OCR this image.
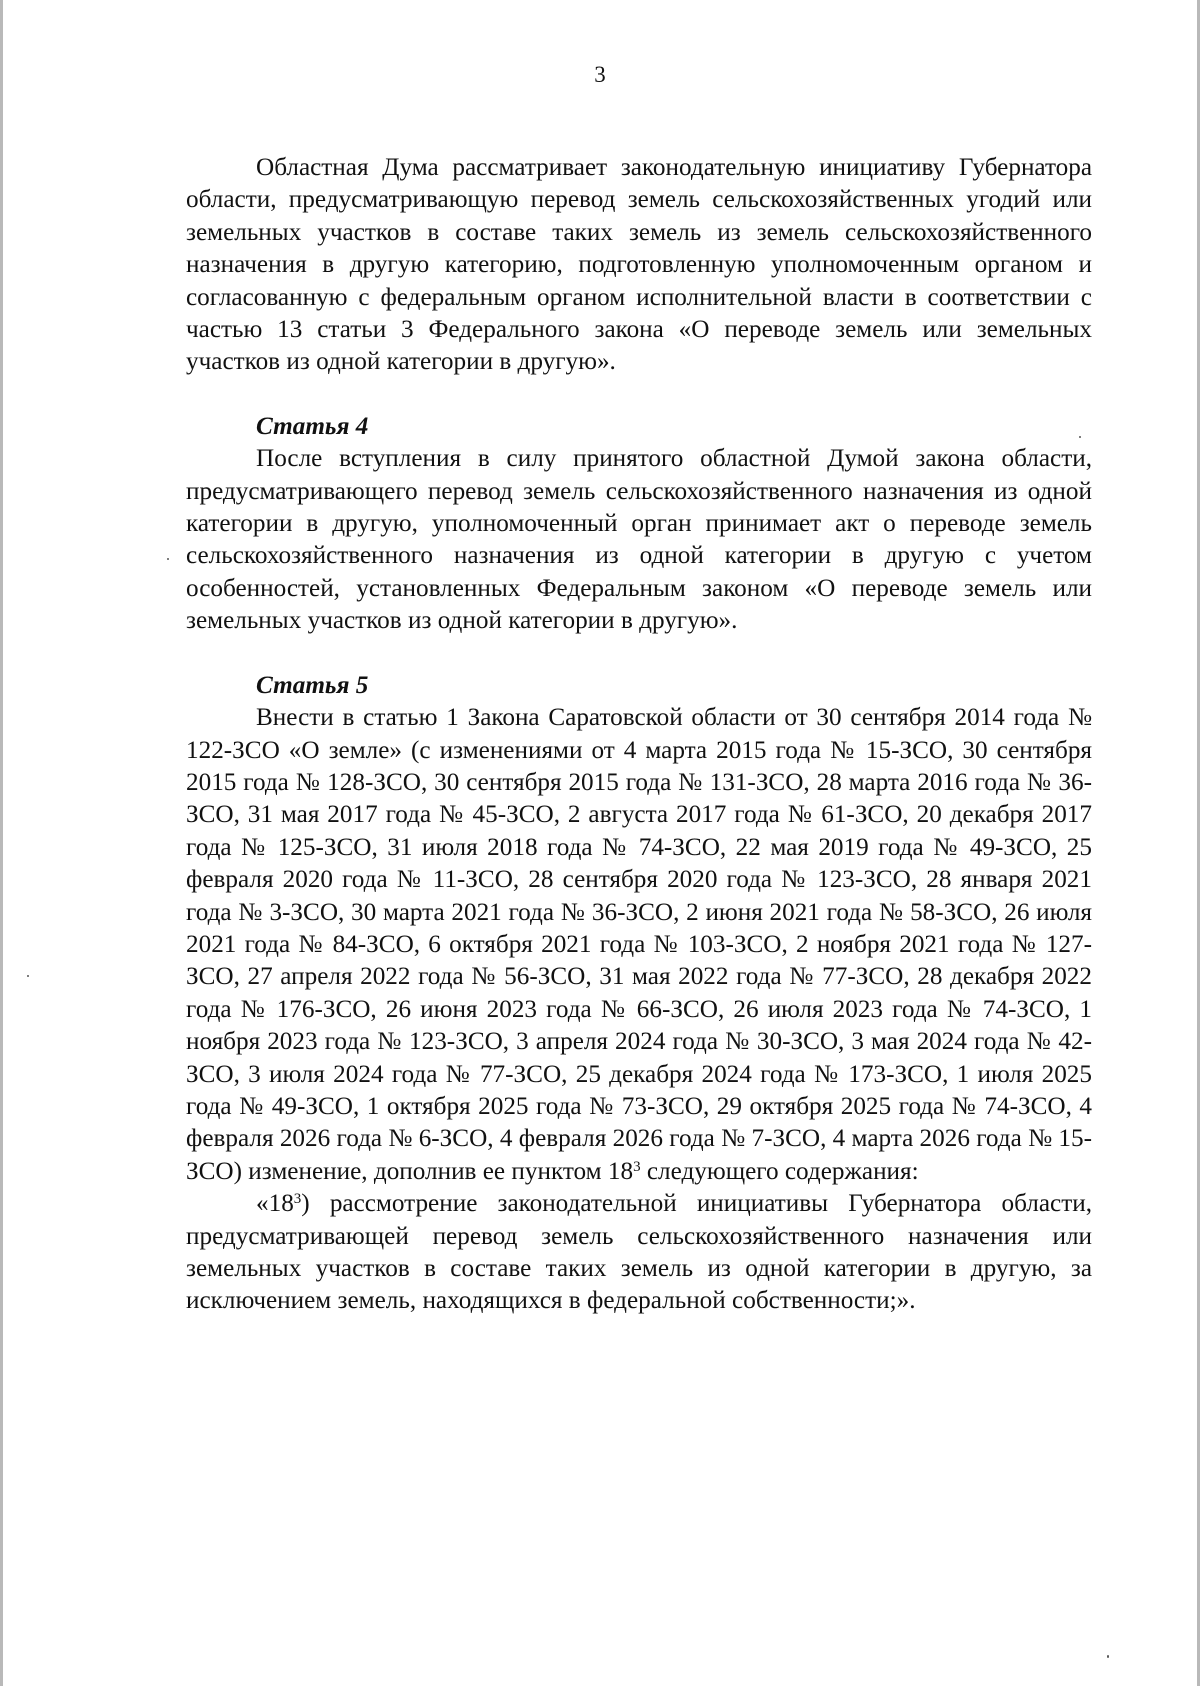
3

Областная Дума рассматривает законодательную инициативу Губернатора области, предусматривающую перевод земель сельскохозяйственных угодий или земельных участков в составе таких земель из земель сельскохозяйственного назначения в другую категорию, подготовленную уполномоченным органом и согласованную с федеральным органом исполнительной власти в соответствии с частью 13 статьи 3 Федерального закона «О переводе земель или земельных участков из одной категории в другую».

Статья 4

После вступления в силу принятого областной Думой закона области, предусматривающего перевод земель сельскохозяйственного назначения из одной категории в другую, уполномоченный орган принимает акт о переводе земель сельскохозяйственного назначения из одной категории в другую с учетом особенностей, установленных Федеральным законом «О переводе земель или земельных участков из одной категории в другую».

Статья 5

Внести в статью 1 Закона Саратовской области от 30 сентября 2014 года № 122-ЗСО «О земле» (с изменениями от 4 марта 2015 года № 15-ЗСО, 30 сентября 2015 года № 128-ЗСО, 30 сентября 2015 года № 131-ЗСО, 28 марта 2016 года № 36-ЗСО, 31 мая 2017 года № 45-ЗСО, 2 августа 2017 года № 61-ЗСО, 20 декабря 2017 года № 125-ЗСО, 31 июля 2018 года № 74-ЗСО, 22 мая 2019 года № 49-ЗСО, 25 февраля 2020 года № 11-ЗСО, 28 сентября 2020 года № 123-ЗСО, 28 января 2021 года № 3-ЗСО, 30 марта 2021 года № 36-ЗСО, 2 июня 2021 года № 58-ЗСО, 26 июля 2021 года № 84-ЗСО, 6 октября 2021 года № 103-ЗСО, 2 ноября 2021 года № 127-ЗСО, 27 апреля 2022 года № 56-ЗСО, 31 мая 2022 года № 77-ЗСО, 28 декабря 2022 года № 176-ЗСО, 26 июня 2023 года № 66-ЗСО, 26 июля 2023 года № 74-ЗСО, 1 ноября 2023 года № 123-ЗСО, 3 апреля 2024 года № 30-ЗСО, 3 мая 2024 года № 42-ЗСО, 3 июля 2024 года № 77-ЗСО, 25 декабря 2024 года № 173-ЗСО, 1 июля 2025 года № 49-ЗСО, 1 октября 2025 года № 73-ЗСО, 29 октября 2025 года № 74-ЗСО, 4 февраля 2026 года № 6-ЗСО, 4 февраля 2026 года № 7-ЗСО, 4 марта 2026 года № 15-ЗСО) изменение, дополнив ее пунктом $18^3$ следующего содержания:

«$18^3$) рассмотрение законодательной инициативы Губернатора области, предусматривающей перевод земель сельскохозяйственного назначения или земельных участков в составе таких земель из одной категории в другую, за исключением земель, находящихся в федеральной собственности;».
